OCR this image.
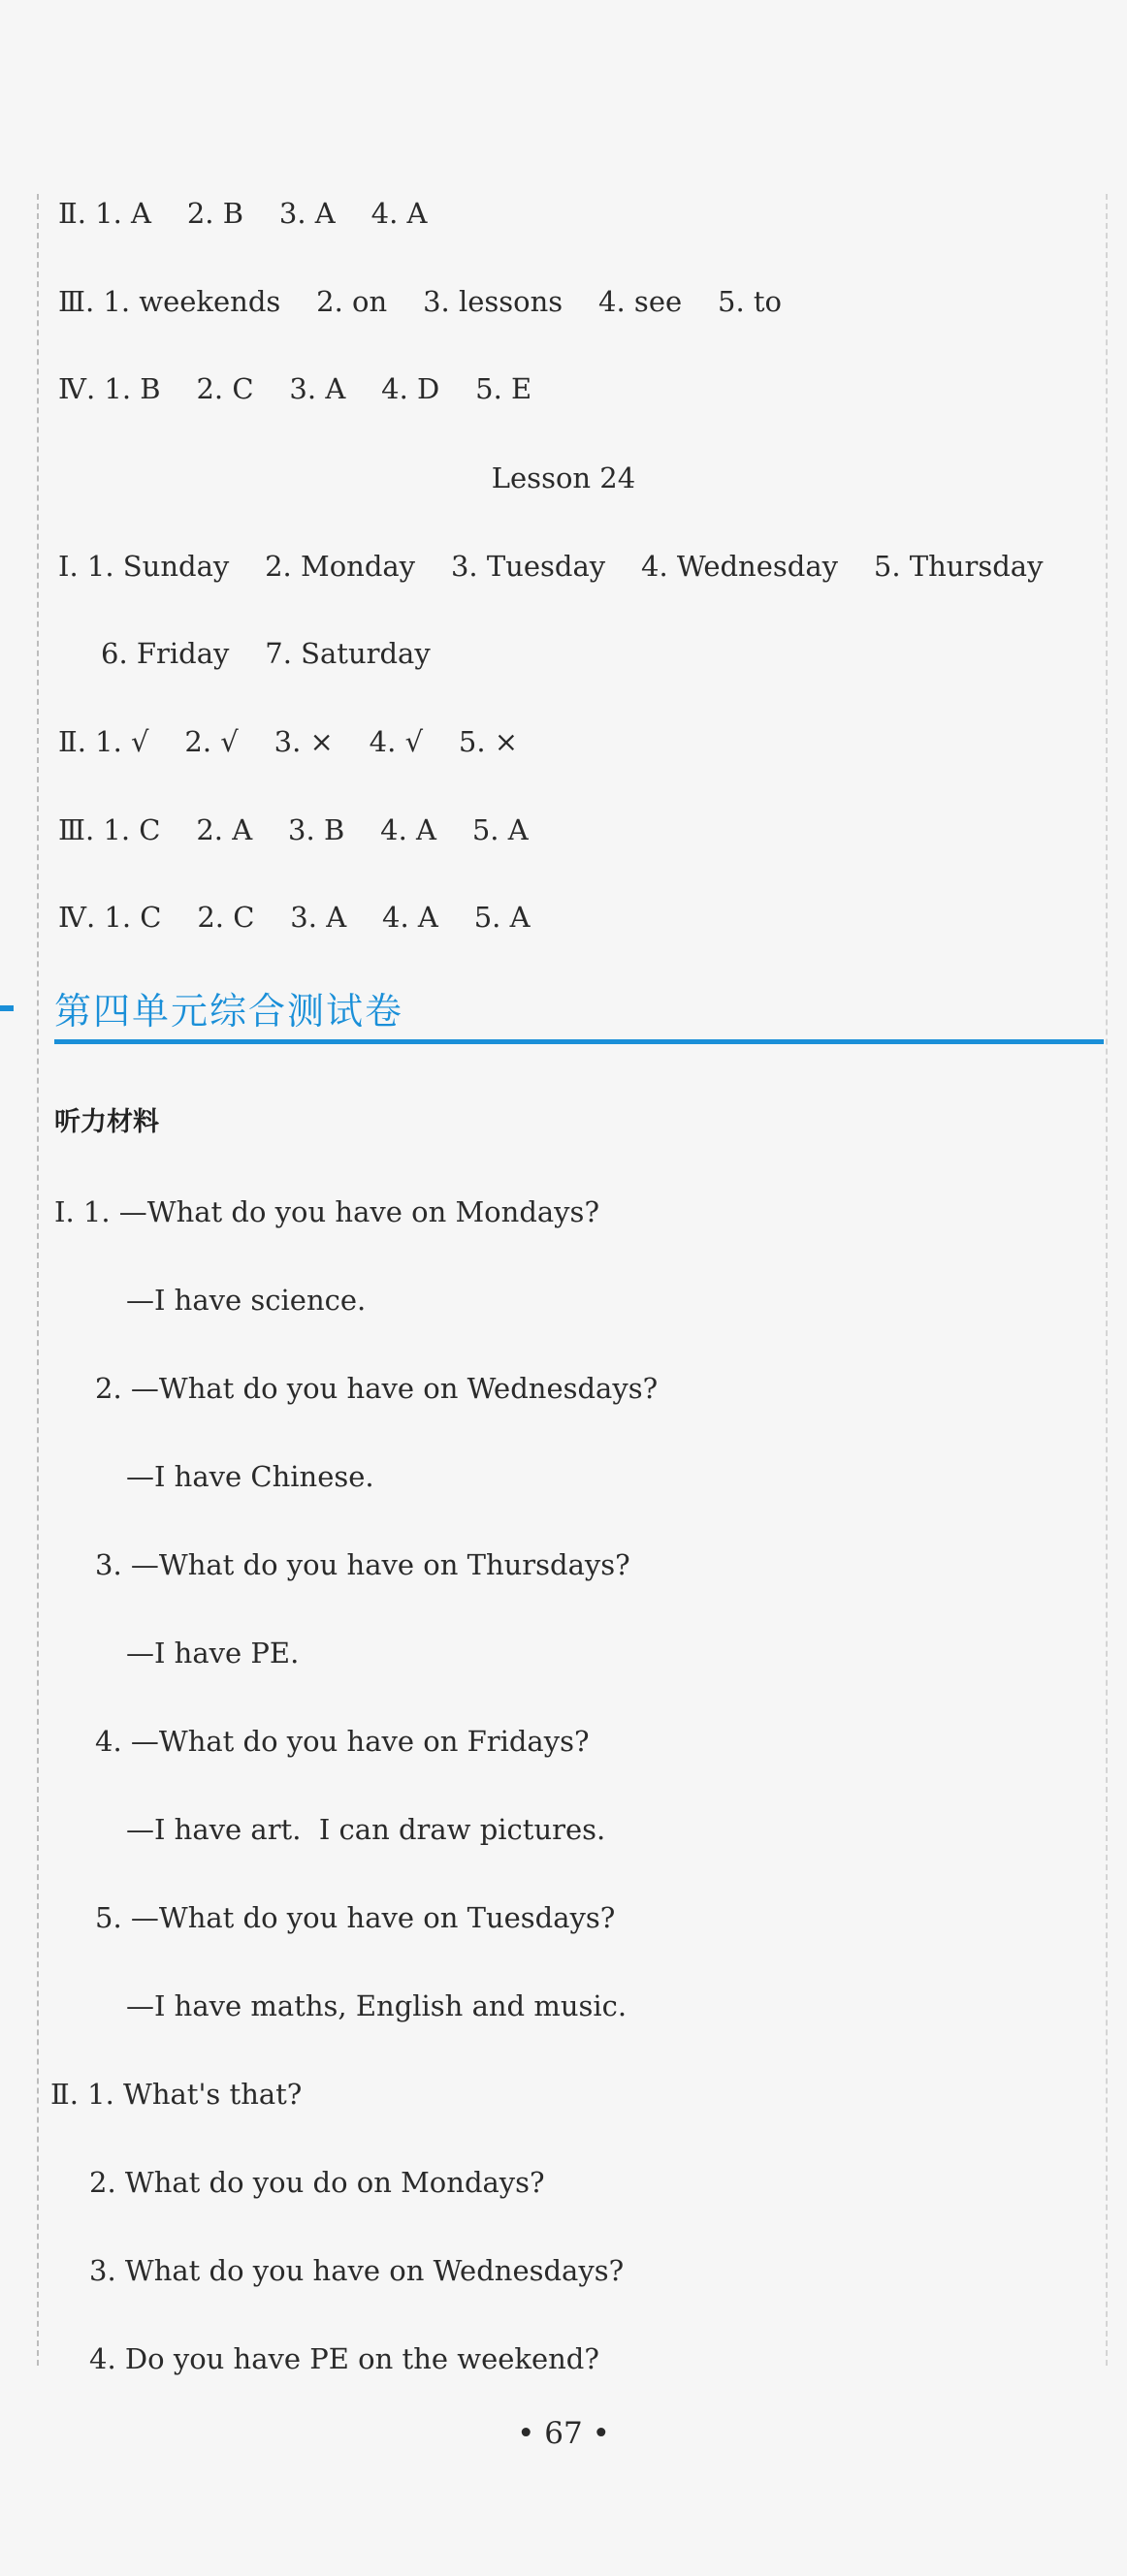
Ⅱ. 1. A    2. B    3. A    4. A
Ⅲ. 1. weekends    2. on    3. lessons    4. see    5. to
Ⅳ. 1. B    2. C    3. A    4. D    5. E
Lesson 24
Ⅰ. 1. Sunday    2. Monday    3. Tuesday    4. Wednesday    5. Thursday
6. Friday    7. Saturday
Ⅱ. 1. √    2. √    3. ×    4. √    5. ×
Ⅲ. 1. C    2. A    3. B    4. A    5. A
Ⅳ. 1. C    2. C    3. A    4. A    5. A
第四单元综合测试卷
听力材料
Ⅰ. 1. —What do you have on Mondays?
—I have science.
2. —What do you have on Wednesdays?
—I have Chinese.
3. —What do you have on Thursdays?
—I have PE.
4. —What do you have on Fridays?
—I have art.  I can draw pictures.
5. —What do you have on Tuesdays?
—I have maths, English and music.
Ⅱ. 1. What's that?
2. What do you do on Mondays?
3. What do you have on Wednesdays?
4. Do you have PE on the weekend?
• 67 •
